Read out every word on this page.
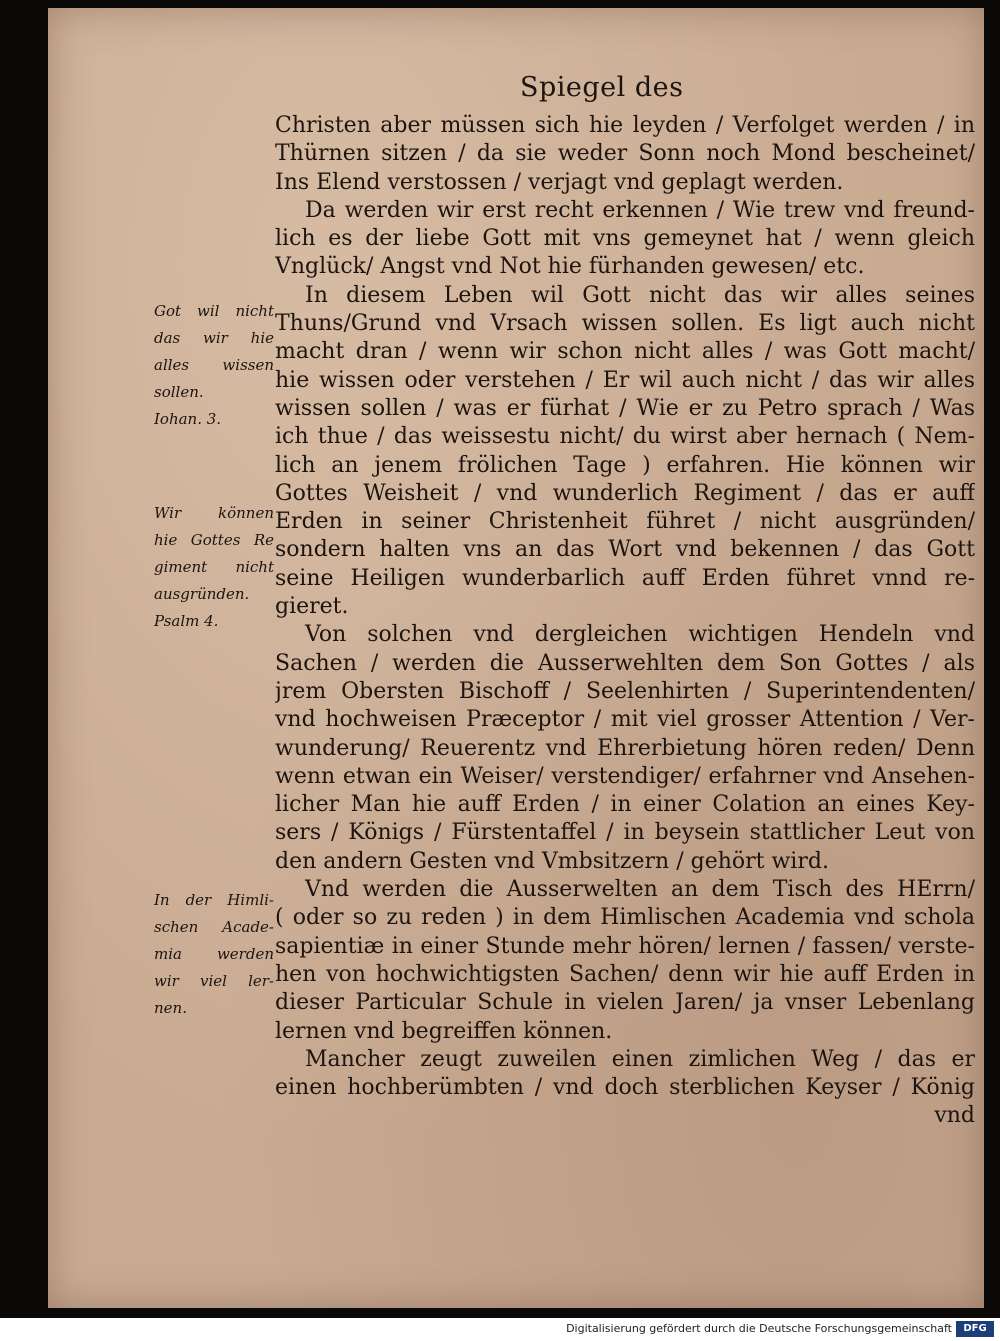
Spiegel des
Christen aber müssen sich hie leyden / Verfolget werden / in
Thürnen sitzen / da sie weder Sonn noch Mond bescheinet/
Ins Elend verstossen / verjagt vnd geplagt werden.
Da werden wir erst recht erkennen / Wie trew vnd freund-
lich es der liebe Gott mit vns gemeynet hat / wenn gleich
Vnglück/ Angst vnd Not hie fürhanden gewesen/ etc.
In diesem Leben wil Gott nicht das wir alles seines
Thuns/Grund vnd Vrsach wissen sollen. Es ligt auch nicht
macht dran / wenn wir schon nicht alles / was Gott macht/
hie wissen oder verstehen / Er wil auch nicht / das wir alles
wissen sollen / was er fürhat / Wie er zu Petro sprach / Was
ich thue / das weissestu nicht/ du wirst aber hernach ( Nem-
lich an jenem frölichen Tage ) erfahren. Hie können wir
Gottes Weisheit / vnd wunderlich Regiment / das er auff
Erden in seiner Christenheit führet / nicht ausgründen/
sondern halten vns an das Wort vnd bekennen / das Gott
seine Heiligen wunderbarlich auff Erden führet vnnd re-
gieret.
Von solchen vnd dergleichen wichtigen Hendeln vnd
Sachen / werden die Ausserwehlten dem Son Gottes / als
jrem Obersten Bischoff / Seelenhirten / Superintendenten/
vnd hochweisen Præceptor / mit viel grosser Attention / Ver-
wunderung/ Reuerentz vnd Ehrerbietung hören reden/ Denn
wenn etwan ein Weiser/ verstendiger/ erfahrner vnd Ansehen-
licher Man hie auff Erden / in einer Colation an eines Key-
sers / Königs / Fürstentaffel / in beysein stattlicher Leut von
den andern Gesten vnd Vmbsitzern / gehört wird.
Vnd werden die Ausserwelten an dem Tisch des HErrn/
( oder so zu reden ) in dem Himlischen Academia vnd schola
sapientiæ in einer Stunde mehr hören/ lernen / fassen/ verste-
hen von hochwichtigsten Sachen/ denn wir hie auff Erden in
dieser Particular Schule in vielen Jaren/ ja vnser Lebenlang
lernen vnd begreiffen können.
Mancher zeugt zuweilen einen zimlichen Weg / das er
einen hochberümbten / vnd doch sterblichen Keyser / König
vnd
Got wil nicht
das wir hie
alles wissen
sollen.
Iohan. 3.
Wir können
hie Gottes Re
giment nicht
ausgründen.
Psalm 4.
In der Himli-
schen Acade-
mia werden
wir viel ler-
nen.
Digitalisierung gefördert durch die Deutsche Forschungsgemeinschaft	DFG
